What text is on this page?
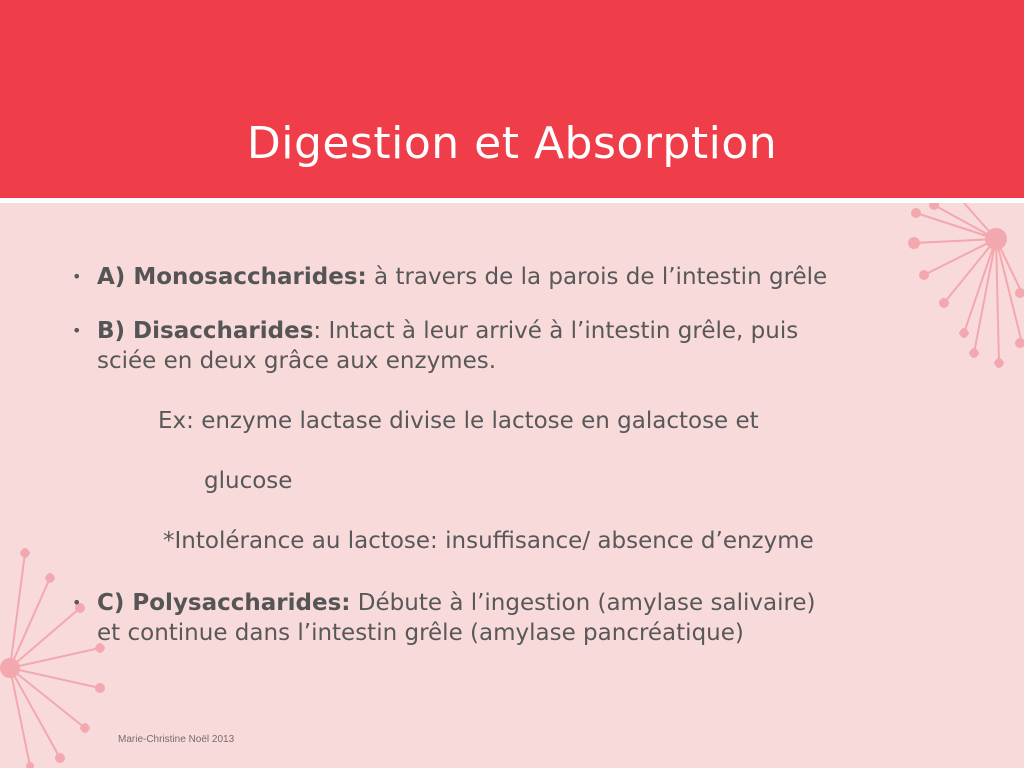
Digestion et Absorption
• A) Monosaccharides: à travers de la parois de l’intestin grêle
• B) Disaccharides: Intact à leur arrivé à l’intestin grêle, puis
sciée en deux grâce aux enzymes.
Ex: enzyme lactase divise le lactose en galactose et
glucose
*Intolérance au lactose: insuffisance/ absence d’enzyme
• C) Polysaccharides: Débute à l’ingestion (amylase salivaire)
et continue dans l’intestin grêle (amylase pancréatique)
Marie-Christine Noël 2013
